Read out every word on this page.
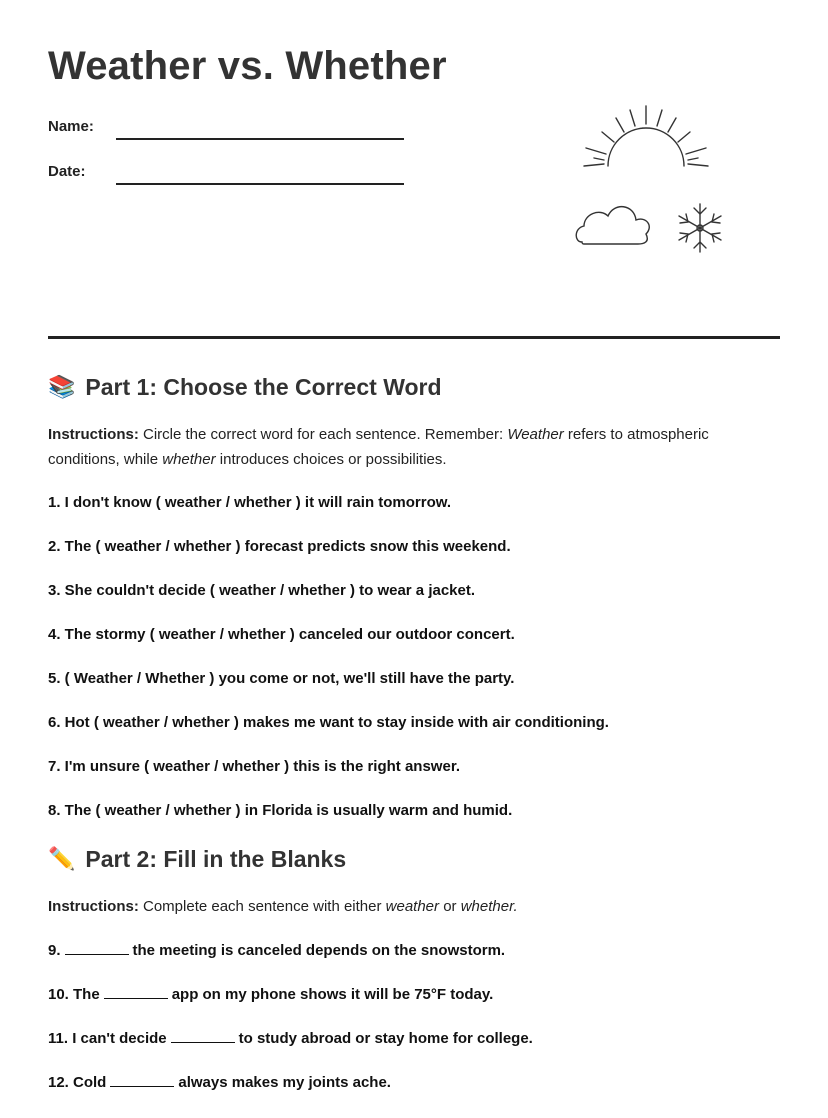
Weather vs. Whether
Name:
Date:
📚 Part 1: Choose the Correct Word

Instructions: Circle the correct word for each sentence. Remember: Weather refers to atmospheric conditions, while whether introduces choices or possibilities.

1. I don't know ( weather / whether ) it will rain tomorrow.
2. The ( weather / whether ) forecast predicts snow this weekend.
3. She couldn't decide ( weather / whether ) to wear a jacket.
4. The stormy ( weather / whether ) canceled our outdoor concert.
5. ( Weather / Whether ) you come or not, we'll still have the party.
6. Hot ( weather / whether ) makes me want to stay inside with air conditioning.
7. I'm unsure ( weather / whether ) this is the right answer.
8. The ( weather / whether ) in Florida is usually warm and humid.
✏️ Part 2: Fill in the Blanks

Instructions: Complete each sentence with either weather or whether.

9.	the meeting is canceled depends on the snowstorm.
10. The	app on my phone shows it will be 75°F today.
11. I can't decide	to study abroad or stay home for college.
12. Cold	always makes my joints ache.
